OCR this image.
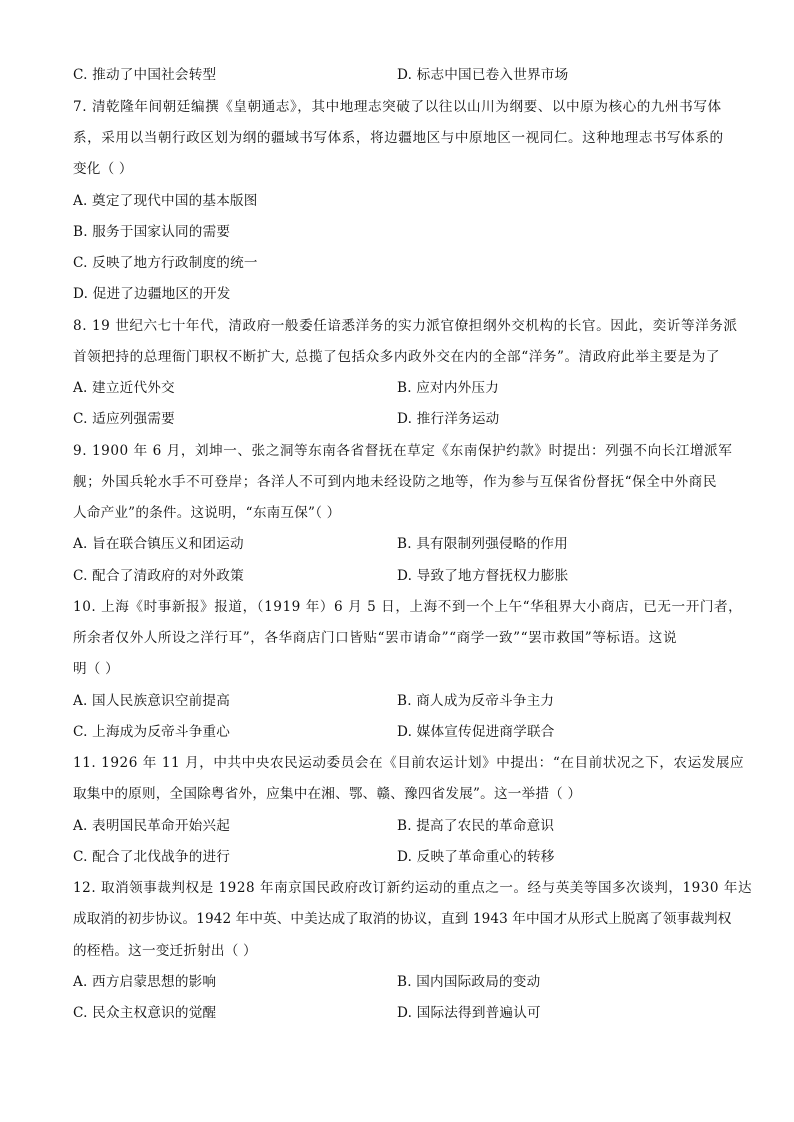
C. 推动了中国社会转型	D. 标志中国已卷入世界市场
7. 清乾隆年间朝廷编撰《皇朝通志》，其中地理志突破了以往以山川为纲要、以中原为核心的九州书写体
系，采用以当朝行政区划为纲的疆域书写体系，将边疆地区与中原地区一视同仁。这种地理志书写体系的
变化（ ）
A. 奠定了现代中国的基本版图
B. 服务于国家认同的需要
C. 反映了地方行政制度的统一
D. 促进了边疆地区的开发
8. 19 世纪六七十年代，清政府一般委任谙悉洋务的实力派官僚担纲外交机构的长官。因此，奕䜣等洋务派
首领把持的总理衙门职权不断扩大, 总揽了包括众多内政外交在内的全部“洋务”。清政府此举主要是为了
A. 建立近代外交	B. 应对内外压力
C. 适应列强需要	D. 推行洋务运动
9. 1900 年 6 月，刘坤一、张之洞等东南各省督抚在草定《东南保护约款》时提出：列强不向长江增派军
舰；外国兵轮水手不可登岸；各洋人不可到内地未经设防之地等，作为参与互保省份督抚“保全中外商民
人命产业”的条件。这说明，“东南互保”（ ）
A. 旨在联合镇压义和团运动	B. 具有限制列强侵略的作用
C. 配合了清政府的对外政策	D. 导致了地方督抚权力膨胀
10. 上海《时事新报》报道，（1919 年）6 月 5 日，上海不到一个上午“华租界大小商店，已无一开门者，
所余者仅外人所设之洋行耳”，各华商店门口皆贴“罢市请命”“商学一致”“罢市救国”等标语。这说
明（ ）
A. 国人民族意识空前提高	B. 商人成为反帝斗争主力
C. 上海成为反帝斗争重心	D. 媒体宣传促进商学联合
11. 1926 年 11 月，中共中央农民运动委员会在《目前农运计划》中提出：“在目前状况之下，农运发展应
取集中的原则，全国除粤省外，应集中在湘、鄂、赣、豫四省发展”。这一举措（ ）
A. 表明国民革命开始兴起	B. 提高了农民的革命意识
C. 配合了北伐战争的进行	D. 反映了革命重心的转移
12. 取消领事裁判权是 1928 年南京国民政府改订新约运动的重点之一。经与英美等国多次谈判，1930 年达
成取消的初步协议。1942 年中英、中美达成了取消的协议，直到 1943 年中国才从形式上脱离了领事裁判权
的桎梏。这一变迁折射出（ ）
A. 西方启蒙思想的影响	B. 国内国际政局的变动
C. 民众主权意识的觉醒	D. 国际法得到普遍认可
